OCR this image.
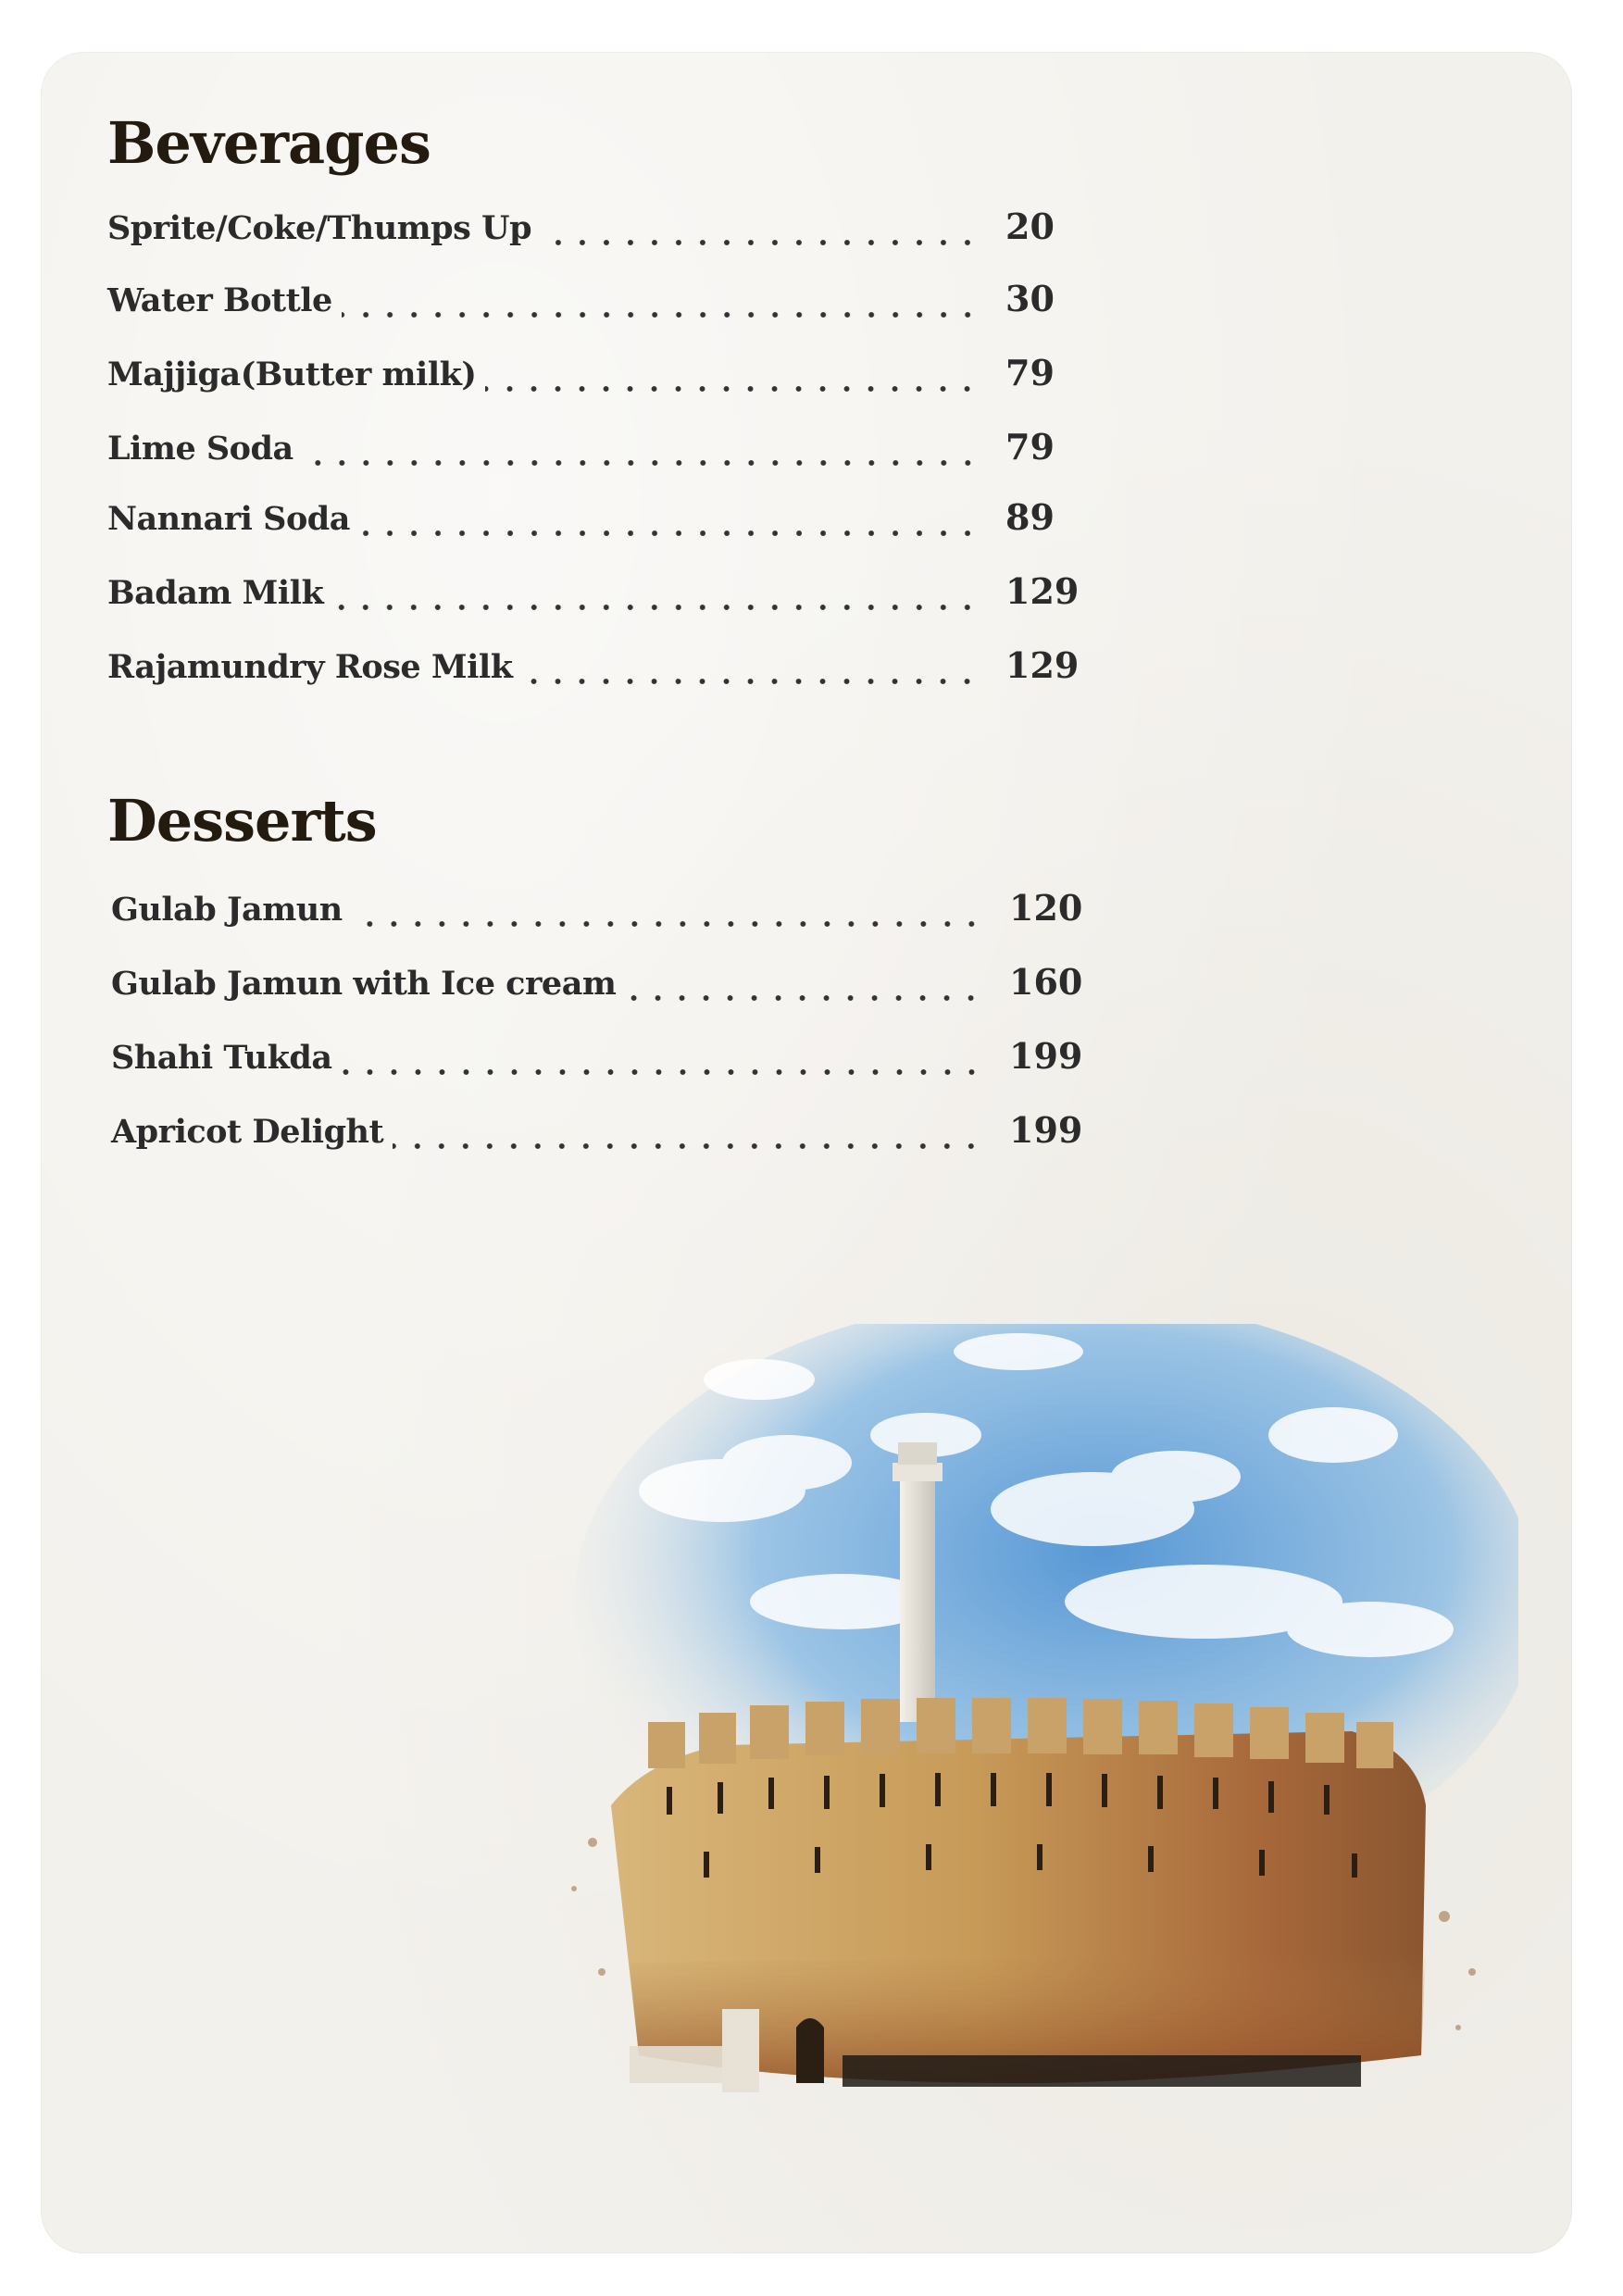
Beverages
Sprite/Coke/Thumps Up	20
Water Bottle	30
Majjiga(Butter milk)	79
Lime Soda	79
Nannari Soda	89
Badam Milk	129
Rajamundry Rose Milk	129
Desserts
Gulab Jamun	120
Gulab Jamun with Ice cream	160
Shahi Tukda	199
Apricot Delight	199
